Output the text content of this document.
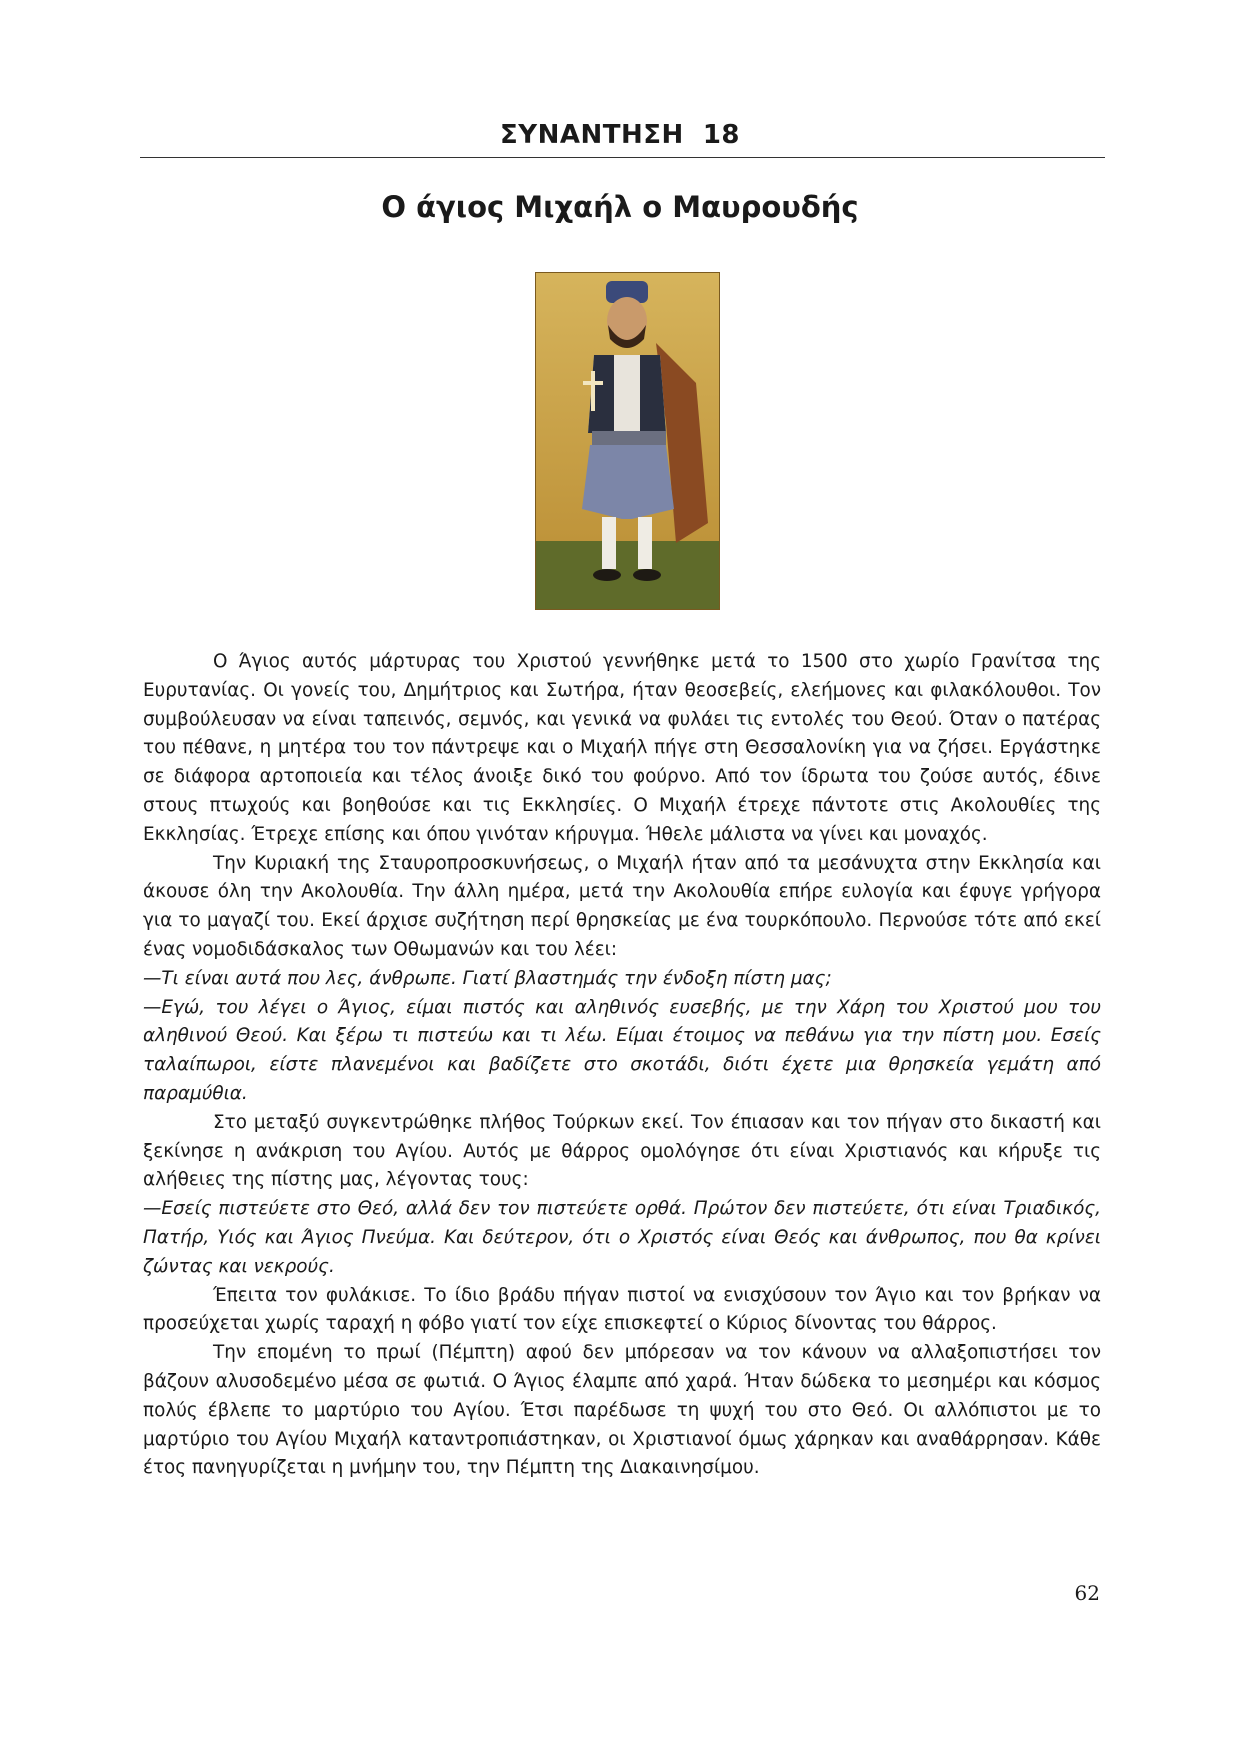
ΣΥΝΑΝΤΗΣΗ  18
Ο άγιος Μιχαήλ ο Μαυρουδής

Ο Άγιος αυτός μάρτυρας του Χριστού γεννήθηκε μετά το 1500 στο χωρίο Γρανίτσα της Ευρυτανίας. Οι γονείς του, Δημήτριος και Σωτήρα, ήταν θεοσεβείς, ελεήμονες και φιλακόλουθοι. Τον συμβούλευσαν να είναι ταπεινός, σεμνός, και γενικά να φυλάει τις εντολές του Θεού. Όταν ο πατέρας του πέθανε, η μητέρα του τον πάντρεψε και ο Μιχαήλ πήγε στη Θεσσαλονίκη για να ζήσει. Εργάστηκε σε διάφορα αρτοποιεία και τέλος άνοιξε δικό του φούρνο. Από τον ίδρωτα του ζούσε αυτός, έδινε στους πτωχούς και βοηθούσε και τις Εκκλησίες. Ο Μιχαήλ έτρεχε πάντοτε στις Ακολουθίες της Εκκλησίας. Έτρεχε επίσης και όπου γινόταν κήρυγμα. Ήθελε μάλιστα να γίνει και μοναχός.

Την Κυριακή της Σταυροπροσκυνήσεως, ο Μιχαήλ ήταν από τα μεσάνυχτα στην Εκκλησία και άκουσε όλη την Ακολουθία. Την άλλη ημέρα, μετά την Ακολουθία επήρε ευλογία και έφυγε γρήγορα για το μαγαζί του. Εκεί άρχισε συζήτηση περί θρησκείας με ένα τουρκόπουλο. Περνούσε τότε από εκεί ένας νομοδιδάσκαλος των Οθωμανών και του λέει:

—Τι είναι αυτά που λες, άνθρωπε. Γιατί βλαστημάς την ένδοξη πίστη μας;

—Εγώ, του λέγει ο Άγιος, είμαι πιστός και αληθινός ευσεβής, με την Χάρη του Χριστού μου του αληθινού Θεού. Και ξέρω τι πιστεύω και τι λέω. Είμαι έτοιμος να πεθάνω για την πίστη μου. Εσείς ταλαίπωροι, είστε πλανεμένοι και βαδίζετε στο σκοτάδι, διότι έχετε μια θρησκεία γεμάτη από παραμύθια.

Στο μεταξύ συγκεντρώθηκε πλήθος Τούρκων εκεί. Τον έπιασαν και τον πήγαν στο δικαστή και ξεκίνησε η ανάκριση του Αγίου. Αυτός με θάρρος ομολόγησε ότι είναι Χριστιανός και κήρυξε τις αλήθειες της πίστης μας, λέγοντας τους:

—Εσείς πιστεύετε στο Θεό, αλλά δεν τον πιστεύετε ορθά. Πρώτον δεν πιστεύετε, ότι είναι Τριαδικός, Πατήρ, Υιός και Άγιος Πνεύμα. Και δεύτερον, ότι ο Χριστός είναι Θεός και άνθρωπος, που θα κρίνει ζώντας και νεκρούς.

Έπειτα τον φυλάκισε. Το ίδιο βράδυ πήγαν πιστοί να ενισχύσουν τον Άγιο και τον βρήκαν να προσεύχεται χωρίς ταραχή η φόβο γιατί τον είχε επισκεφτεί ο Κύριος δίνοντας του θάρρος.

Την επομένη το πρωί (Πέμπτη) αφού δεν μπόρεσαν να τον κάνουν να αλλαξοπιστήσει τον βάζουν αλυσοδεμένο μέσα σε φωτιά. Ο Άγιος έλαμπε από χαρά. Ήταν δώδεκα το μεσημέρι και κόσμος πολύς έβλεπε το μαρτύριο του Αγίου. Έτσι παρέδωσε τη ψυχή του στο Θεό. Οι αλλόπιστοι με το μαρτύριο του Αγίου Μιχαήλ καταντροπιάστηκαν, οι Χριστιανοί όμως χάρηκαν και αναθάρρησαν. Κάθε έτος πανηγυρίζεται η μνήμην του, την Πέμπτη της Διακαινησίμου.

62
